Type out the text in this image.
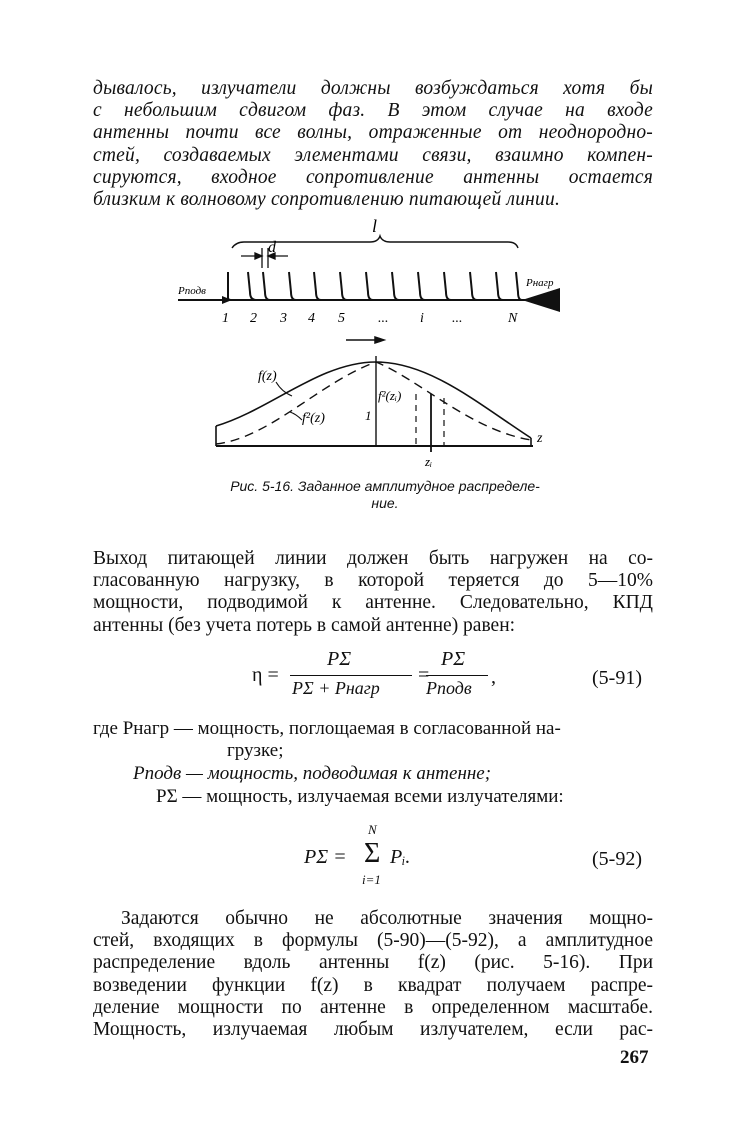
дывалось, излучатели должны возбуждаться хотя бы
с небольшим сдвигом фаз. В этом случае на входе
антенны почти все волны, отраженные от неоднородно-
стей, создаваемых элементами связи, взаимно компен-
сируются, входное сопротивление антенны остается
близким к волновому сопротивлению питающей линии.
l
d
Pподв
Pнагр
1 2 3 4 5 ... i ...	N
f(z)
f²(z)
f²(zᵢ)
1
z
zᵢ
Рис. 5-16. Заданное амплитудное распределе-
ние.
Выход питающей линии должен быть нагружен на со-
гласованную нагрузку, в которой теряется до 5—10%
мощности, подводимой к антенне. Следовательно, КПД
антенны (без учета потерь в самой антенне) равен:
η =
PΣ
PΣ + Pнагр
=
PΣ
Pподв ,	(5-91)
где Pнагр — мощность, поглощаемая в согласованной на-
грузке;
Pподв — мощность, подводимая к антенне;
PΣ — мощность, излучаемая всеми излучателями:
PΣ =
N
Σ
i=1
Pᵢ.	(5-92)
Задаются обычно не абсолютные значения мощно-
стей, входящих в формулы (5-90)—(5-92), а амплитудное
распределение вдоль антенны f(z) (рис. 5-16). При
возведении функции f(z) в квадрат получаем распре-
деление мощности по антенне в определенном масштабе.
Мощность, излучаемая любым излучателем, если рас-
267
